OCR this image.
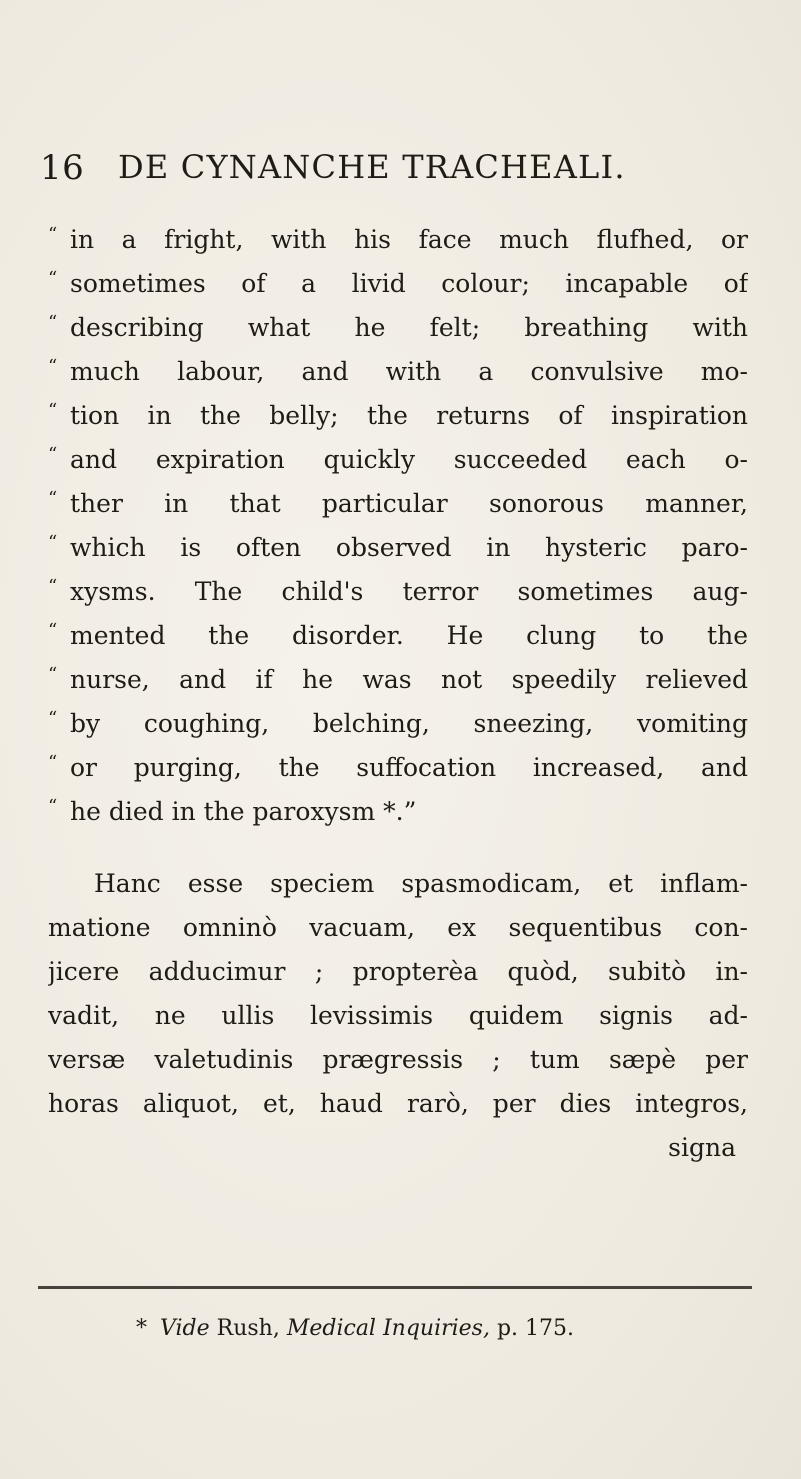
16 DE CYNANCHE TRACHEALI.
“ in a fright, with his face much flufhed, or
“ sometimes of a livid colour; incapable of
“ describing what he felt; breathing with
“ much labour, and with a convulsive mo-
“ tion in the belly; the returns of inspiration
“ and expiration quickly succeeded each o-
“ ther in that particular sonorous manner,
“ which is often observed in hysteric paro-
“ xysms. The child's terror sometimes aug-
“ mented the disorder. He clung to the
“ nurse, and if he was not speedily relieved
“ by coughing, belching, sneezing, vomiting
“ or purging, the suffocation increased, and
“ he died in the paroxysm *.”
Hanc esse speciem spasmodicam, et inflam-
matione omninò vacuam, ex sequentibus con-
jicere adducimur ; propterèa quòd, subitò in-
vadit, ne ullis levissimis quidem signis ad-
versæ valetudinis prægressis ; tum sæpè per
horas aliquot, et, haud rarò, per dies integros,
signa
* Vide Rush, Medical Inquiries, p. 175.
